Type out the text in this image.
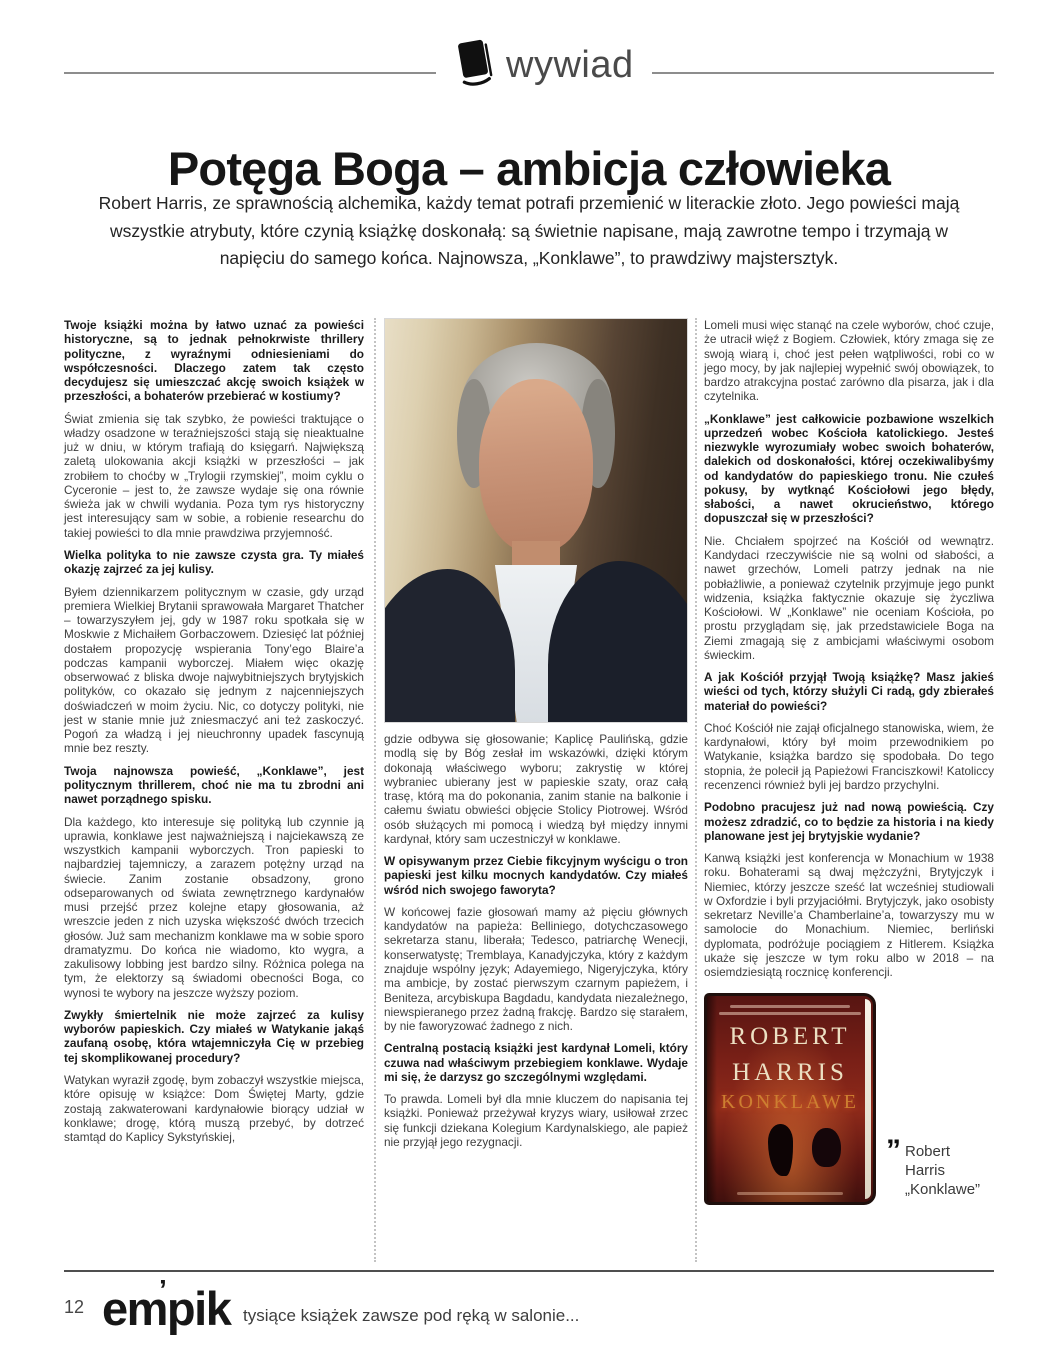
wywiad
Potęga Boga – ambicja człowieka
Robert Harris, ze sprawnością alchemika, każdy temat potrafi przemienić w literackie złoto. Jego powieści mają wszystkie atrybuty, które czynią książkę doskonałą: są świetnie napisane, mają zawrotne tempo i trzymają w napięciu do samego końca. Najnowsza, „Konklawe”, to prawdziwy majstersztyk.

Twoje książki można by łatwo uznać za powieści historyczne, są to jednak pełnokrwiste thrillery polityczne, z wyraźnymi odniesieniami do współczesności. Dlaczego zatem tak często decydujesz się umieszczać akcję swoich książek w przeszłości, a bohaterów przebierać w kostiumy?

Świat zmienia się tak szybko, że powieści traktujące o władzy osadzone w teraźniejszości stają się nieaktualne już w dniu, w którym trafiają do księgarń. Największą zaletą ulokowania akcji książki w przeszłości – jak zrobiłem to choćby w „Trylogii rzymskiej”, moim cyklu o Cyceronie – jest to, że zawsze wydaje się ona równie świeża jak w chwili wydania. Poza tym rys historyczny jest interesujący sam w sobie, a robienie researchu do takiej powieści to dla mnie prawdziwa przyjemność.

Wielka polityka to nie zawsze czysta gra. Ty miałeś okazję zajrzeć za jej kulisy.

Byłem dziennikarzem politycznym w czasie, gdy urząd premiera Wielkiej Brytanii sprawowała Margaret Thatcher – towarzyszyłem jej, gdy w 1987 roku spotkała się w Moskwie z Michaiłem Gorbaczowem. Dziesięć lat później dostałem propozycję wspierania Tony’ego Blaire’a podczas kampanii wyborczej. Miałem więc okazję obserwować z bliska dwoje najwybitniejszych brytyjskich polityków, co okazało się jednym z najcenniejszych doświadczeń w moim życiu. Nic, co dotyczy polityki, nie jest w stanie mnie już zniesmaczyć ani też zaskoczyć. Pogoń za władzą i jej nieuchronny upadek fascynują mnie bez reszty.

Twoja najnowsza powieść, „Konklawe”, jest politycznym thrillerem, choć nie ma tu zbrodni ani nawet porządnego spisku.

Dla każdego, kto interesuje się polityką lub czynnie ją uprawia, konklawe jest najważniejszą i najciekawszą ze wszystkich kampanii wyborczych. Tron papieski to najbardziej tajemniczy, a zarazem potężny urząd na świecie. Zanim zostanie obsadzony, grono odseparowanych od świata zewnętrznego kardynałów musi przejść przez kolejne etapy głosowania, aż wreszcie jeden z nich uzyska większość dwóch trzecich głosów. Już sam mechanizm konklawe ma w sobie sporo dramatyzmu. Do końca nie wiadomo, kto wygra, a zakulisowy lobbing jest bardzo silny. Różnica polega na tym, że elektorzy są świadomi obecności Boga, co wynosi te wybory na jeszcze wyższy poziom.

Zwykły śmiertelnik nie może zajrzeć za kulisy wyborów papieskich. Czy miałeś w Watykanie jakąś zaufaną osobę, która wtajemniczyła Cię w przebieg tej skomplikowanej procedury?

Watykan wyraził zgodę, bym zobaczył wszystkie miejsca, które opisuję w książce: Dom Świętej Marty, gdzie zostają zakwaterowani kardynałowie biorący udział w konklawe; drogę, którą muszą przebyć, by dotrzeć stamtąd do Kaplicy Sykstyńskiej,

gdzie odbywa się głosowanie; Kaplicę Paulińską, gdzie modlą się by Bóg zesłał im wskazówki, dzięki którym dokonają właściwego wyboru; zakrystię w której wybraniec ubierany jest w papieskie szaty, oraz całą trasę, którą ma do pokonania, zanim stanie na balkonie i całemu światu obwieści objęcie Stolicy Piotrowej. Wśród osób służących mi pomocą i wiedzą był między innymi kardynał, który sam uczestniczył w konklawe.

W opisywanym przez Ciebie fikcyjnym wyścigu o tron papieski jest kilku mocnych kandydatów. Czy miałeś wśród nich swojego faworyta?

W końcowej fazie głosowań mamy aż pięciu głównych kandydatów na papieża: Belliniego, dotychczasowego sekretarza stanu, liberała; Tedesco, patriarchę Wenecji, konserwatystę; Tremblaya, Kanadyjczyka, który z każdym znajduje wspólny język; Adayemiego, Nigeryjczyka, który ma ambicje, by zostać pierwszym czarnym papieżem, i Beniteza, arcybiskupa Bagdadu, kandydata niezależnego, niewspieranego przez żadną frakcję. Bardzo się starałem, by nie faworyzować żadnego z nich.

Centralną postacią książki jest kardynał Lomeli, który czuwa nad właściwym przebiegiem konklawe. Wydaje mi się, że darzysz go szczególnymi względami.

To prawda. Lomeli był dla mnie kluczem do napisania tej książki. Ponieważ przeżywał kryzys wiary, usiłował zrzec się funkcji dziekana Kolegium Kardynalskiego, ale papież nie przyjął jego rezygnacji.

Lomeli musi więc stanąć na czele wyborów, choć czuje, że utracił więź z Bogiem. Człowiek, który zmaga się ze swoją wiarą i, choć jest pełen wątpliwości, robi co w jego mocy, by jak najlepiej wypełnić swój obowiązek, to bardzo atrakcyjna postać zarówno dla pisarza, jak i dla czytelnika.

„Konklawe” jest całkowicie pozbawione wszelkich uprzedzeń wobec Kościoła katolickiego. Jesteś niezwykle wyrozumiały wobec swoich bohaterów, dalekich od doskonałości, której oczekiwalibyśmy od kandydatów do papieskiego tronu. Nie czułeś pokusy, by wytknąć Kościołowi jego błędy, słabości, a nawet okrucieństwo, którego dopuszczał się w przeszłości?

Nie. Chciałem spojrzeć na Kościół od wewnątrz. Kandydaci rzeczywiście nie są wolni od słabości, a nawet grzechów, Lomeli patrzy jednak na nie pobłażliwie, a ponieważ czytelnik przyjmuje jego punkt widzenia, książka faktycznie okazuje się życzliwa Kościołowi. W „Konklawe” nie oceniam Kościoła, po prostu przyglądam się, jak przedstawiciele Boga na Ziemi zmagają się z ambicjami właściwymi osobom świeckim.

A jak Kościół przyjął Twoją książkę? Masz jakieś wieści od tych, którzy służyli Ci radą, gdy zbierałeś materiał do powieści?

Choć Kościół nie zajął oficjalnego stanowiska, wiem, że kardynałowi, który był moim przewodnikiem po Watykanie, książka bardzo się spodobała. Do tego stopnia, że polecił ją Papieżowi Franciszkowi! Katoliccy recenzenci również byli jej bardzo przychylni.

Podobno pracujesz już nad nową powieścią. Czy możesz zdradzić, co to będzie za historia i na kiedy planowane jest jej brytyjskie wydanie?

Kanwą książki jest konferencja w Monachium w 1938 roku. Bohaterami są dwaj mężczyźni, Brytyjczyk i Niemiec, którzy jeszcze sześć lat wcześniej studiowali w Oxfordzie i byli przyjaciółmi. Brytyjczyk, jako osobisty sekretarz Neville’a Chamberlaine’a, towarzyszy mu w samolocie do Monachium. Niemiec, berliński dyplomata, podróżuje pociągiem z Hitlerem. Książka ukaże się jeszcze w tym roku albo w 2018 – na osiemdziesiątą rocznicę konferencji.

ROBERT
HARRIS
KONKLAWE
” Robert Harris
„Konklawe”
12 empik ’ tysiące książek zawsze pod ręką w salonie...
